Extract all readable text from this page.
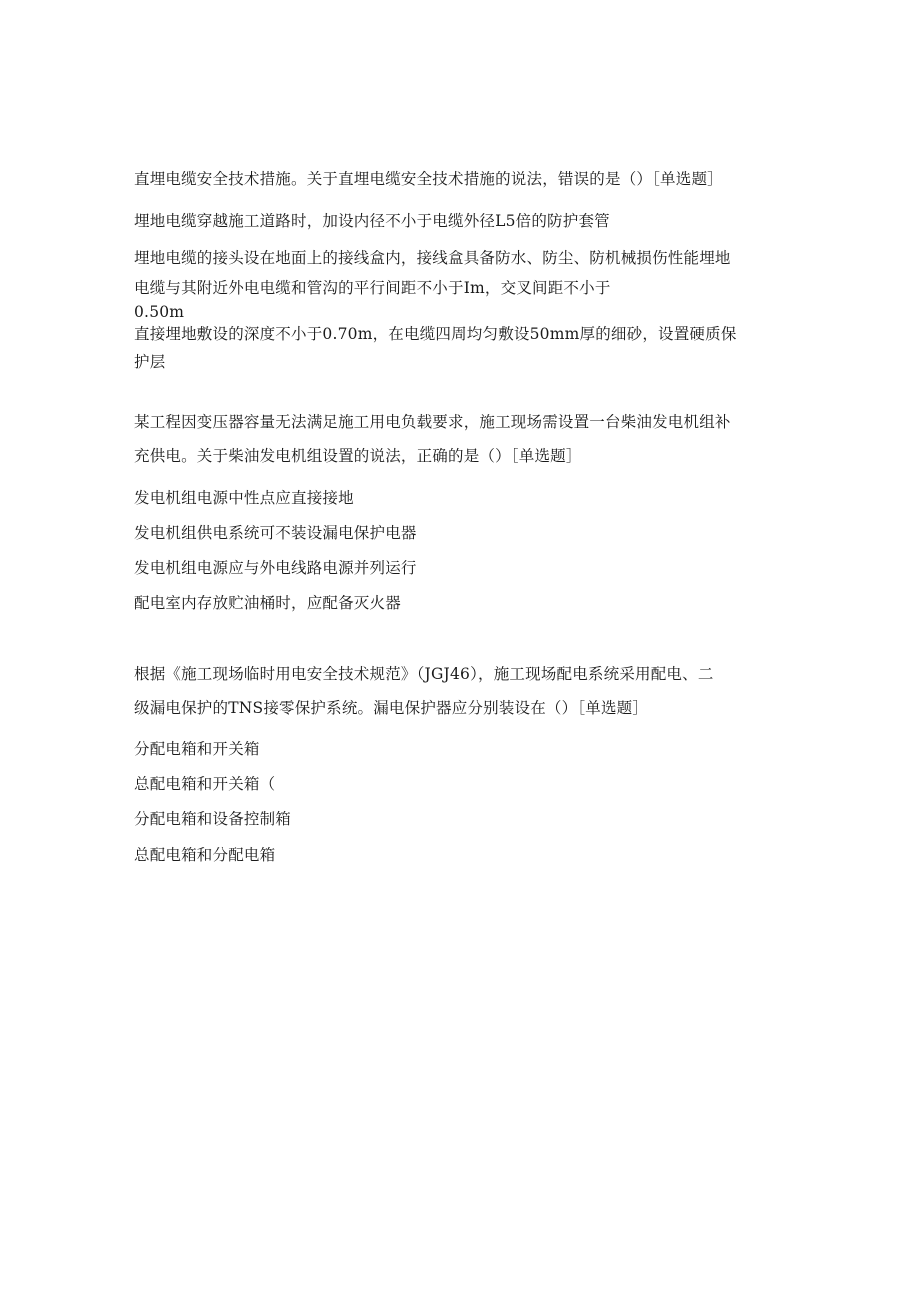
直埋电缆安全技术措施。关于直埋电缆安全技术措施的说法，错误的是（）［单选题］
埋地电缆穿越施工道路时，加设内径不小于电缆外径L5倍的防护套管
埋地电缆的接头设在地面上的接线盒内，接线盒具备防水、防尘、防机械损伤性能埋地
电缆与其附近外电电缆和管沟的平行间距不小于Im，交叉间距不小于
0.50m
直接埋地敷设的深度不小于0.70m，在电缆四周均匀敷设50mm厚的细砂，设置硬质保
护层
某工程因变压器容量无法满足施工用电负载要求，施工现场需设置一台柴油发电机组补
充供电。关于柴油发电机组设置的说法，正确的是（）［单选题］
发电机组电源中性点应直接接地
发电机组供电系统可不装设漏电保护电器
发电机组电源应与外电线路电源并列运行
配电室内存放贮油桶时，应配备灭火器
根据《施工现场临时用电安全技术规范》（JGJ46），施工现场配电系统采用配电、二
级漏电保护的TNS接零保护系统。漏电保护器应分别装设在（）［单选题］
分配电箱和开关箱
总配电箱和开关箱（
分配电箱和设备控制箱
总配电箱和分配电箱
